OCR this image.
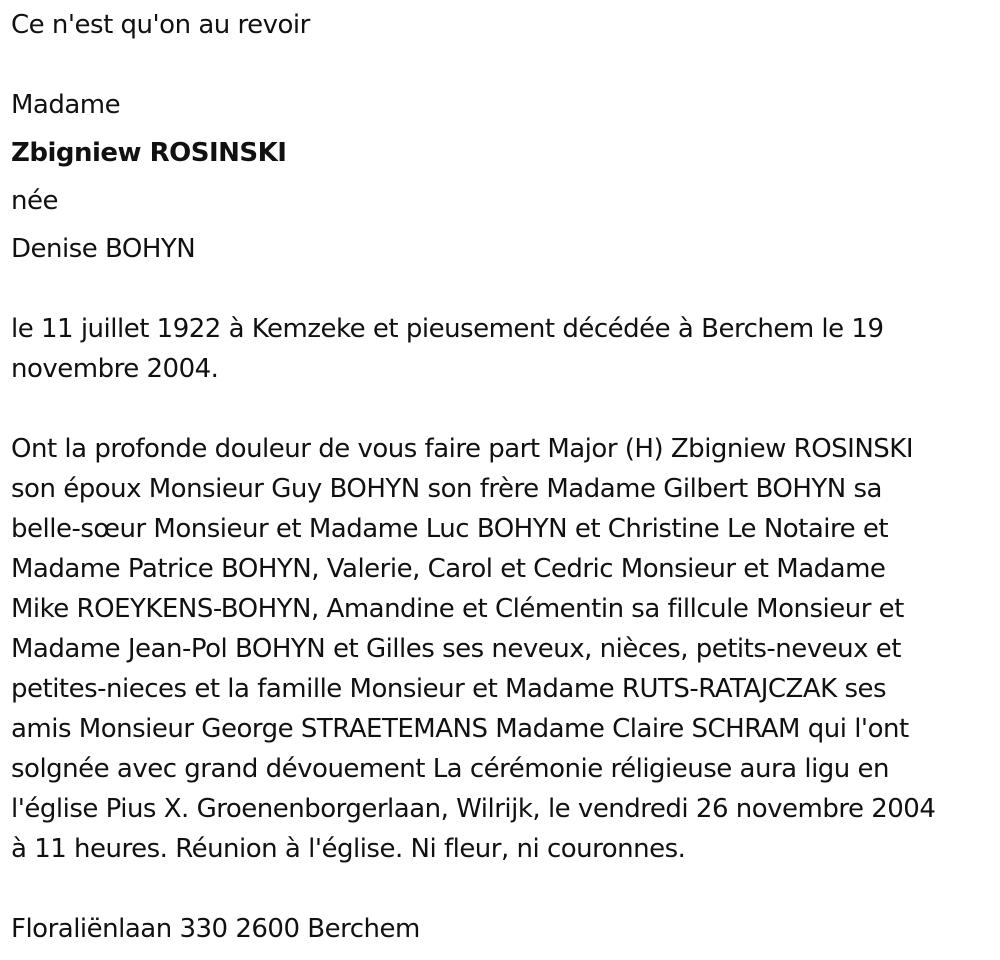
Ce n'est qu'on au revoir

Madame

Zbigniew ROSINSKI

née

Denise BOHYN

le 11 juillet 1922 à Kemzeke et pieusement décédée à Berchem le 19
novembre 2004.
Ont la profonde douleur de vous faire part Major (H) Zbigniew ROSINSKI
son époux Monsieur Guy BOHYN son frère Madame Gilbert BOHYN sa
belle-sœur Monsieur et Madame Luc BOHYN et Christine Le Notaire et
Madame Patrice BOHYN, Valerie, Carol et Cedric Monsieur et Madame
Mike ROEYKENS-BOHYN, Amandine et Clémentin sa fillcule Monsieur et
Madame Jean-Pol BOHYN et Gilles ses neveux, nièces, petits-neveux et
petites-nieces et la famille Monsieur et Madame RUTS-RATAJCZAK ses
amis Monsieur George STRAETEMANS Madame Claire SCHRAM qui l'ont
solgnée avec grand dévouement La cérémonie réligieuse aura ligu en
l'église Pius X. Groenenborgerlaan, Wilrijk, le vendredi 26 novembre 2004
à 11 heures. Réunion à l'église. Ni fleur, ni couronnes.

Floraliënlaan 330 2600 Berchem
